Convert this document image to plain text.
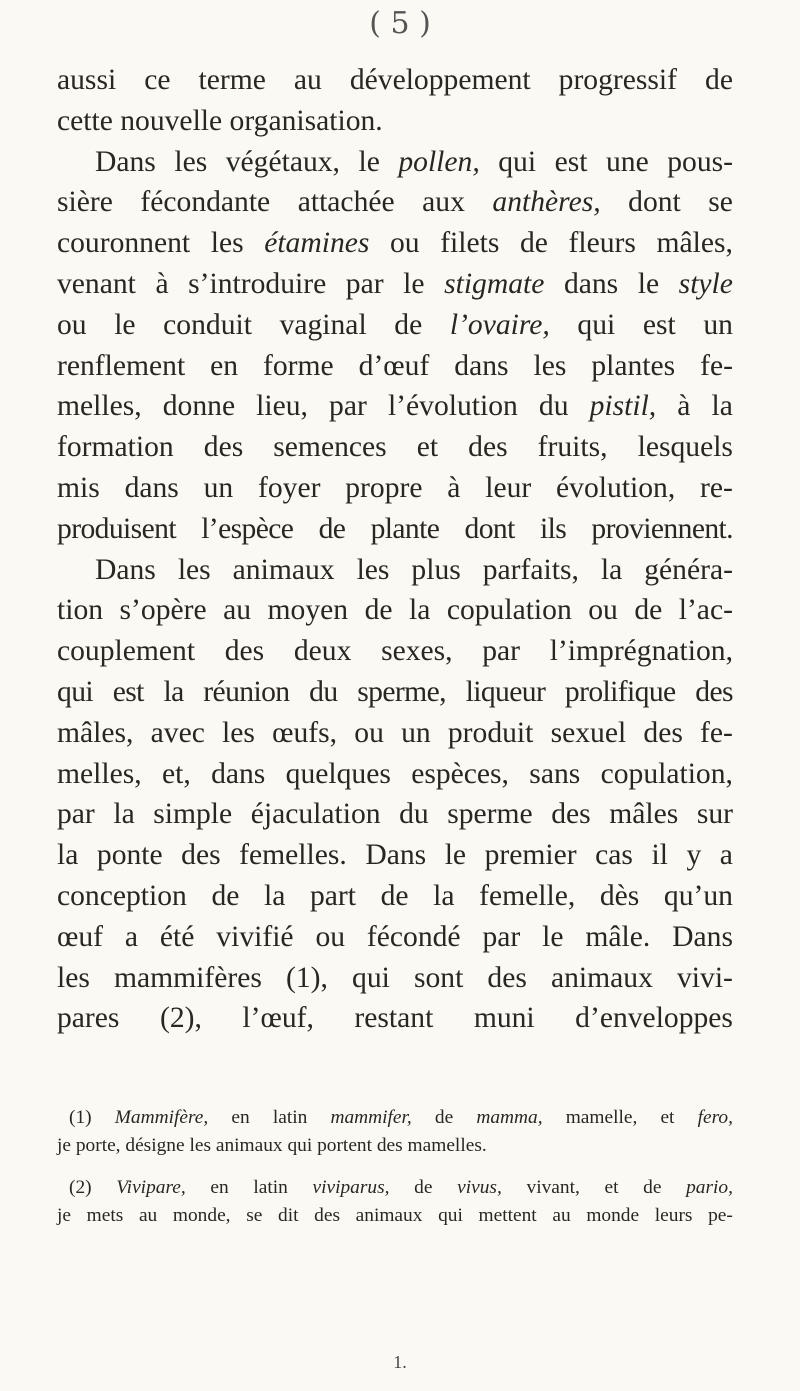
( 5 )
aussi ce terme au développement progressif de
cette nouvelle organisation.
Dans les végétaux, le pollen, qui est une pous-
sière fécondante attachée aux anthères, dont se
couronnent les étamines ou filets de fleurs mâles,
venant à s’introduire par le stigmate dans le style
ou le conduit vaginal de l’ovaire, qui est un
renflement en forme d’œuf dans les plantes fe-
melles, donne lieu, par l’évolution du pistil, à la
formation des semences et des fruits, lesquels
mis dans un foyer propre à leur évolution, re-
produisent l’espèce de plante dont ils proviennent.
Dans les animaux les plus parfaits, la généra-
tion s’opère au moyen de la copulation ou de l’ac-
couplement des deux sexes, par l’imprégnation,
qui est la réunion du sperme, liqueur prolifique des
mâles, avec les œufs, ou un produit sexuel des fe-
melles, et, dans quelques espèces, sans copulation,
par la simple éjaculation du sperme des mâles sur
la ponte des femelles. Dans le premier cas il y a
conception de la part de la femelle, dès qu’un
œuf a été vivifié ou fécondé par le mâle. Dans
les mammifères (1), qui sont des animaux vivi-
pares (2), l’œuf, restant muni d’enveloppes
(1) Mammifère, en latin mammifer, de mamma, mamelle, et fero,
je porte, désigne les animaux qui portent des mamelles.
(2) Vivipare, en latin viviparus, de vivus, vivant, et de pario,
je mets au monde, se dit des animaux qui mettent au monde leurs pe-
1.
